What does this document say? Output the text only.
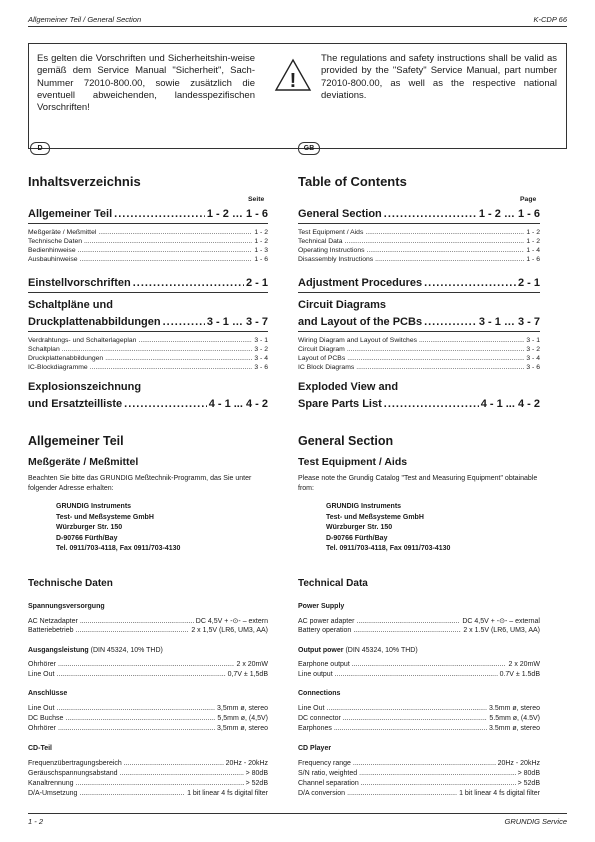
Allgemeiner Teil / General Section	K-CDP 66
Es gelten die Vorschriften und Sicherheitshin-weise gemäß dem Service Manual "Sicherheit", Sach-Nummer 72010-800.00, sowie zusätzlich die eventuell abweichenden, landesspezifischen Vorschriften!
!
The regulations and safety instructions shall be valid as provided by the "Safety" Service Manual, part number 72010-800.00, as well as the respective national deviations.
D	GB
Inhaltsverzeichnis
Seite
Allgemeiner Teil .....	1 - 2 … 1 - 6
Meßgeräte / Meßmittel .....	1 - 2
Technische Daten .....	1 - 2
Bedienhinweise .....	1 - 3
Ausbauhinweise .....	1 - 6
Einstellvorschriften .....	2 - 1
Schaltpläne und
Druckplattenabbildungen .....	3 - 1 … 3 - 7
Verdrahtungs- und Schalterlageplan .....	3 - 1
Schaltplan .....	3 - 2
Druckplattenabbildungen .....	3 - 4
IC-Blockdiagramme .....	3 - 6
Explosionszeichnung
und Ersatzteilliste .....	4 - 1 ... 4 - 2
Table of Contents
Page
General Section .....	1 - 2 … 1 - 6
Test Equipment / Aids .....	1 - 2
Technical Data .....	1 - 2
Operating Instructions .....	1 - 4
Disassembly Instructions .....	1 - 6
Adjustment Procedures .....	2 - 1
Circuit Diagrams
and Layout of the PCBs .....	3 - 1 … 3 - 7
Wiring Diagram and Layout of Switches .....	3 - 1
Circuit Diagram .....	3 - 2
Layout of PCBs .....	3 - 4
IC Block Diagrams .....	3 - 6
Exploded View and
Spare Parts List .....	4 - 1 ... 4 - 2
Allgemeiner Teil
Meßgeräte / Meßmittel
Beachten Sie bitte das GRUNDIG Meßtechnik-Programm, das Sie unter folgender Adresse erhalten:
GRUNDIG Instruments
Test- und Meßsysteme GmbH
Würzburger Str. 150
D-90766 Fürth/Bay
Tel. 0911/703-4118, Fax 0911/703-4130
General Section
Test Equipment / Aids
Please note the Grundig Catalog "Test and Measuring Equipment" obtainable from:
GRUNDIG Instruments
Test- und Meßsysteme GmbH
Würzburger Str. 150
D-90766 Fürth/Bay
Tel. 0911/703-4118, Fax 0911/703-4130
Technische Daten
Spannungsversorgung
AC Netzadapter .....	DC 4,5V + -⊙- – extern
Batteriebetrieb .....	2 x 1,5V (LR6, UM3, AA)
Ausgangsleistung (DIN 45324, 10% THD)
Ohrhörer .....	2 x 20mW
Line Out .....	0,7V ± 1,5dB
Anschlüsse
Line Out .....	3,5mm ø, stereo
DC Buchse .....	5,5mm ø, (4,5V)
Ohrhörer .....	3,5mm ø, stereo
CD-Teil
Frequenzübertragungsbereich .....	20Hz - 20kHz
Geräuschspannungsabstand .....	> 80dB
Kanaltrennung .....	> 52dB
D/A-Umsetzung .....	1 bit linear 4 fs digital filter
Technical Data
Power Supply
AC power adapter .....	DC 4,5V + -⊙- – external
Battery operation .....	2 x 1.5V (LR6, UM3, AA)
Output power (DIN 45324, 10% THD)
Earphone output .....	2 x 20mW
Line output .....	0.7V ± 1.5dB
Connections
Line Out .....	3.5mm ø, stereo
DC connector .....	5.5mm ø, (4.5V)
Earphones .....	3.5mm ø, stereo
CD Player
Frequency range .....	20Hz - 20kHz
S/N ratio, weighted .....	> 80dB
Channel separation .....	> 52dB
D/A conversion .....	1 bit linear 4 fs digital filter
1 - 2	GRUNDIG Service
